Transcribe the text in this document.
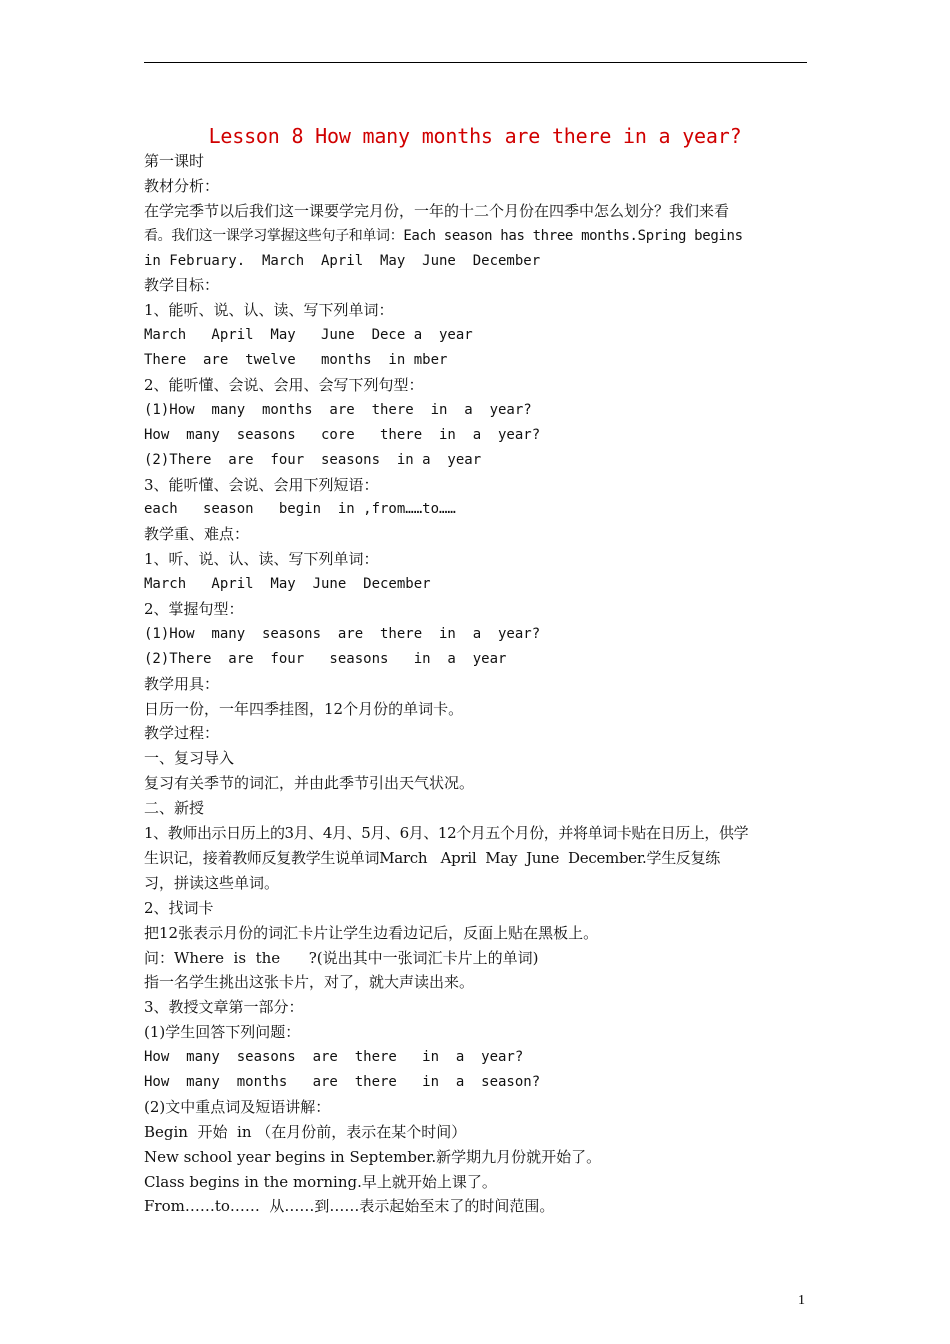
Lesson 8 How many months are there in a year?
第一课时
教材分析：
在学完季节以后我们这一课要学完月份，一年的十二个月份在四季中怎么划分？我们来看
看。我们这一课学习掌握这些句子和单词：Each season has three months.Spring begins
in February.  March  April  May  June  December
教学目标：
1、能听、说、认、读、写下列单词：
March   April  May   June  Dece a  year
There  are  twelve   months  in mber
2、能听懂、会说、会用、会写下列句型：
(1)How  many  months  are  there  in  a  year?
How  many  seasons   core   there  in  a  year?
(2)There  are  four  seasons  in a  year
3、能听懂、会说、会用下列短语：
each   season   begin  in ,from……to……
教学重、难点：
1、听、说、认、读、写下列单词：
March   April  May  June  December
2、掌握句型：
(1)How  many  seasons  are  there  in  a  year?
(2)There  are  four   seasons   in  a  year
教学用具：
日历一份，一年四季挂图，12个月份的单词卡。
教学过程：
一、复习导入
复习有关季节的词汇，并由此季节引出天气状况。
二、新授
1、教师出示日历上的3月、4月、5月、6月、12个月五个月份，并将单词卡贴在日历上，供学
生识记，接着教师反复教学生说单词March   April  May  June  December.学生反复练
习，拼读这些单词。
2、找词卡
把12张表示月份的词汇卡片让学生边看边记后，反面上贴在黑板上。
问：Where  is  the      ?(说出其中一张词汇卡片上的单词)
指一名学生挑出这张卡片，对了，就大声读出来。
3、教授文章第一部分：
(1)学生回答下列问题：
How  many  seasons  are  there   in  a  year?
How  many  months   are  there   in  a  season?
(2)文中重点词及短语讲解：
Begin  开始  in （在月份前，表示在某个时间）
New school year begins in September.新学期九月份就开始了。
Class begins in the morning.早上就开始上课了。
From……to……  从……到……表示起始至末了的时间范围。
1
